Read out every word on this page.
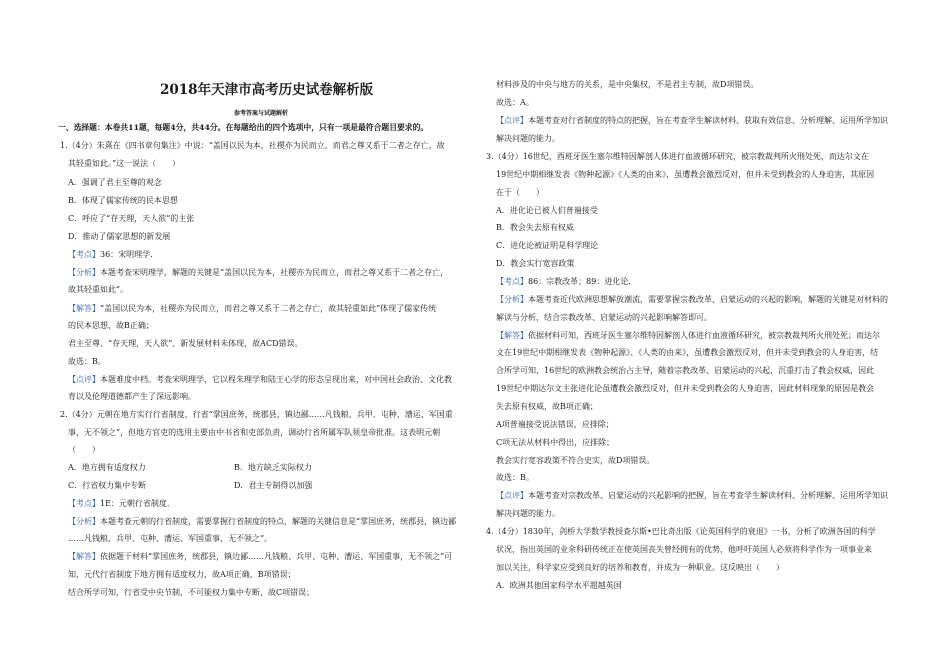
2018年天津市高考历史试卷解析版
参考答案与试题解析
一、选择题：本卷共11题，每题4分，共44分。在每题给出的四个选项中，只有一项是最符合题目要求的。
1.（4分）朱熹在《四书章句集注》中说：“盖国以民为本，社稷亦为民而立，而君之尊又系于二者之存亡，故
其轻重如此。”这一说法（　　）
A．强调了君主至尊的观念
B．体现了儒家传统的民本思想
C．呼应了“存天理，天人欲”的主张
D．推动了儒家思想的新发展
【考点】36：宋明理学.
【分析】本题考查宋明理学，解题的关键是“盖国以民为本，社稷亦为民而立，而君之尊又系于二者之存亡，
故其轻重如此”。
【解答】“盖国以民为本，社稷亦为民而立，而君之尊又系于二者之存亡，故其轻重如此”体现了儒家传统
的民本思想，故B正确；
君主至尊、“存天理，天人欲”、新发展材料未体现，故ACD错误。
故选：B。
【点评】本题难度中档。考查宋明理学，它以程朱理学和陆王心学的形态呈现出来，对中国社会政治、文化教
育以及伦理道德都产生了深远影响。
2.（4分）元朝在地方实行行省制度，行省“掌国庶务，统郡县，镇边鄙……凡钱粮、兵甲、屯种、漕运、军国重
事，无不领之”，但地方官吏的选用主要由中书省和吏部负责，调动行省所属军队须皇帝批准。这表明元朝
（　　）
A．地方拥有适度权力	B．地方缺乏实际权力
C．行省权力集中专断	D．君主专制得以加强
【考点】1E：元朝行省制度.
【分析】本题考查元朝的行省制度，需要掌握行省制度的特点，解题的关键信息是“掌国庶务，统郡县，镇边鄙
……凡钱粮、兵甲、屯种、漕运、军国重事，无不领之”。
【解答】依据题干材料“掌国庶务，统郡县，镇边鄙……凡钱粮、兵甲、屯种、漕运、军国重事，无不领之”可
知，元代行省制度下地方拥有适度权力，故A项正确，B项错误；
结合所学可知，行省受中央节制，不可能权力集中专断，故C项错误；
材料涉及的中央与地方的关系，是中央集权，不是君主专制，故D项错误。
故选：A。
【点评】本题考查对行省制度的特点的把握，旨在考查学生解读材料、获取有效信息、分析理解、运用所学知识
解决问题的能力。
3.（4分）16世纪，西班牙医生塞尔维特因解剖人体进行血液循环研究，被宗教裁判所火刑处死，而达尔文在
19世纪中期相继发表《物种起源》《人类的由来》，虽遭教会激烈反对，但并未受到教会的人身迫害，其原因
在于（　　）
A．进化论已被人们普遍接受
B．教会失去原有权威
C．进化论被证明是科学理论
D．教会实行宽容政策
【考点】86：宗教改革；89：进化论.
【分析】本题考查近代欧洲思想解放潮流，需要掌握宗教改革、启蒙运动的兴起的影响，解题的关键是对材料的
解读与分析，结合宗教改革、启蒙运动的兴起影响解答即可。
【解答】依据材料可知，西班牙医生塞尔维特因解剖人体进行血液循环研究，被宗教裁判所火刑处死；而达尔
文在19世纪中期相继发表《物种起源》、《人类的由来》，虽遭教会激烈反对，但并未受到教会的人身迫害，结
合所学可知，16世纪的欧洲教会统治占主导，随着宗教改革、启蒙运动的兴起，沉重打击了教会权威，因此
19世纪中期达尔文主张进化论虽遭教会激烈反对，但并未受到教会的人身迫害，因此材料现象的原因是教会
失去原有权威，故B项正确；
A项普遍接受说法错误，应排除；
C项无法从材料中得出，应排除；
教会实行宽容政策不符合史实，故D项错误。
故选：B。
【点评】本题考查对宗教改革、启蒙运动的兴起影响的把握，旨在考查学生解读材料、分析理解、运用所学知识
解决问题的能力。
4.（4分）1830年，剑桥大学数学教授查尔斯•巴比奇出版《论英国科学的衰退》一书，分析了欧洲各国的科学
状况，指出英国的业余科研传统正在使英国丧失曾经拥有的优势，他呼吁英国人必须将科学作为一项事业来
加以关注，科学家应受到良好的培养和教育，并成为一种职业。这反映出（　　）
A．欧洲其他国家科学水平超越英国
